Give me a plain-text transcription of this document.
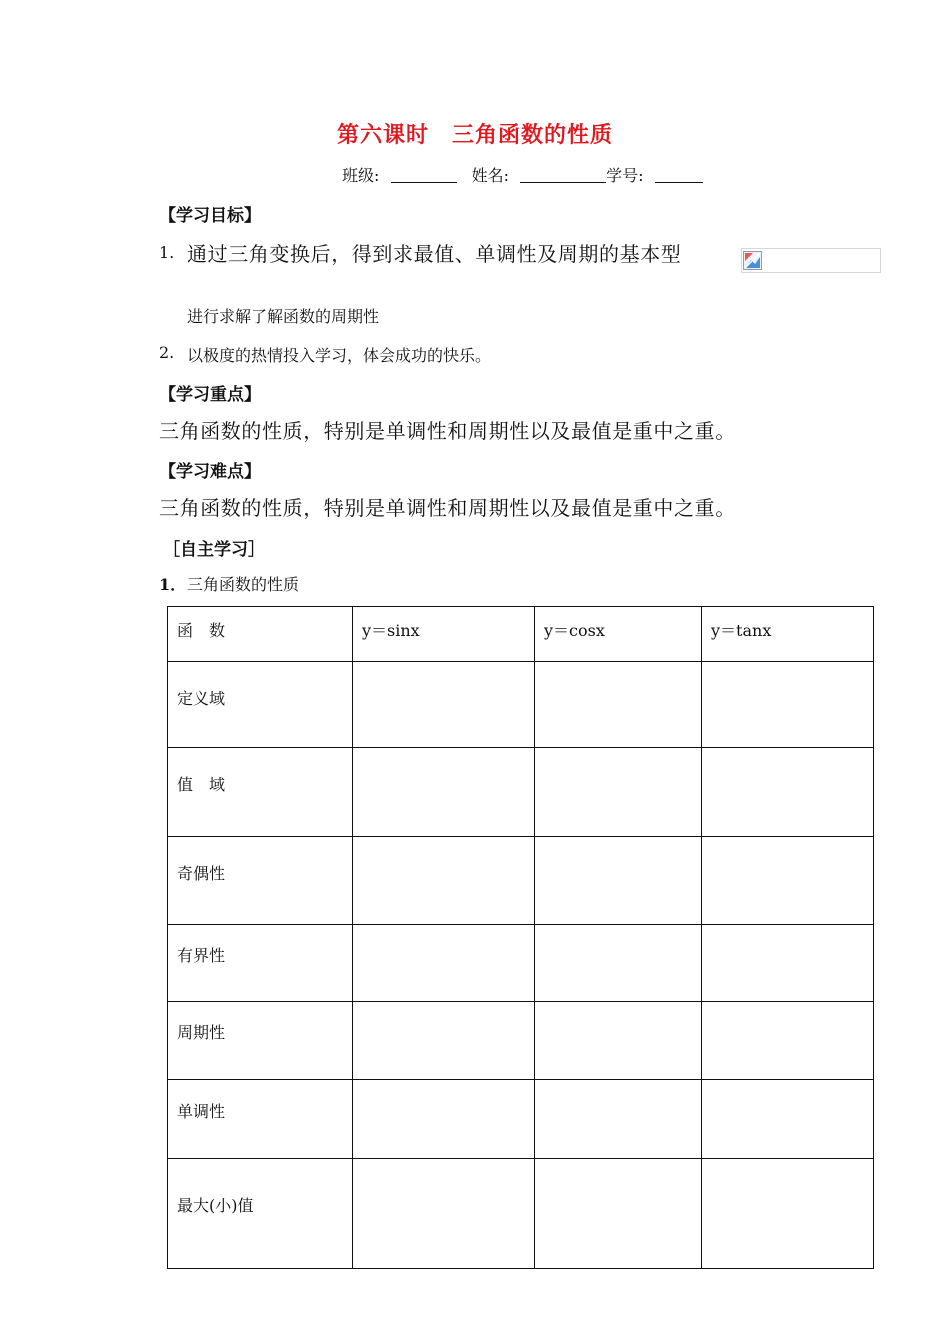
第六课时　三角函数的性质
班级:	姓名:	学号:
【学习目标】
1. 通过三角变换后，得到求最值、单调性及周期的基本型
进行求解了解函数的周期性
2. 以极度的热情投入学习，体会成功的快乐。
【学习重点】
三角函数的性质，特别是单调性和周期性以及最值是重中之重。
【学习难点】
三角函数的性质，特别是单调性和周期性以及最值是重中之重。
［自主学习］
1． 三角函数的性质
函　数	y＝sinx	y＝cosx	y＝tanx
定义域			
值　域			
奇偶性			
有界性			
周期性			
单调性			
最大(小)值			
